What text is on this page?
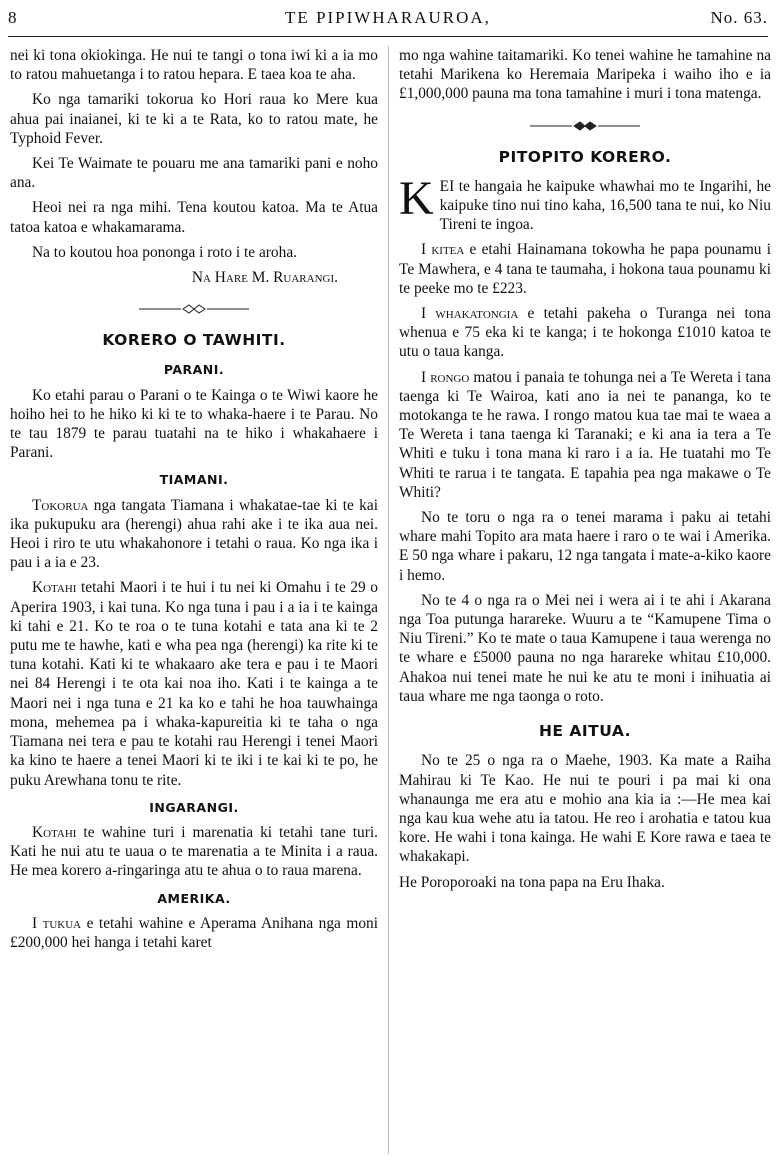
8	TE PIPIWHARAUROA,	No. 63.

nei ki tona okiokinga. He nui te tangi o tona iwi ki a ia mo to ratou mahuetanga i to ratou hepara. E taea koa te aha.

Ko nga tamariki tokorua ko Hori raua ko Mere kua ahua pai inaianei, ki te ki a te Rata, ko to ratou mate, he Typhoid Fever.

Kei Te Waimate te pouaru me ana tamariki pani e noho ana.

Heoi nei ra nga mihi. Tena koutou katoa. Ma te Atua tatoa katoa e whakamarama.

Na to koutou hoa pononga i roto i te aroha.

Na Hare M. Ruarangi.
KORERO O TAWHITI.
PARANI.

Ko etahi parau o Parani o te Kainga o te Wiwi kaore he hoiho hei to he hiko ki ki te to whaka-haere i te Parau. No te tau 1879 te parau tuatahi na te hiko i whakahaere i Parani.

TIAMANI.

Tokorua nga tangata Tiamana i whakatae-tae ki te kai ika pukupuku ara (herengi) ahua rahi ake i te ika aua nei. Heoi i riro te utu whakahonore i tetahi o raua. Ko nga ika i pau i a ia e 23.

Kotahi tetahi Maori i te hui i tu nei ki Omahu i te 29 o Aperira 1903, i kai tuna. Ko nga tuna i pau i a ia i te kainga ki tahi e 21. Ko te roa o te tuna kotahi e tata ana ki te 2 putu me te hawhe, kati e wha pea nga (herengi) ka rite ki te tuna kotahi. Kati ki te whakaaro ake tera e pau i te Maori nei 84 Herengi i te ota kai noa iho. Kati i te kainga a te Maori nei i nga tuna e 21 ka ko e tahi he hoa tauwhainga mona, mehemea pa i whaka-kapureitia ki te taha o nga Tiamana nei tera e pau te kotahi rau Herengi i tenei Maori ka kino te haere a tenei Maori ki te iki i te kai ki te po, he puku Arewhana tonu te rite.

INGARANGI.

Kotahi te wahine turi i marenatia ki tetahi tane turi. Kati he nui atu te uaua o te marenatia a te Minita i a raua. He mea korero a-ringaringa atu te ahua o to raua marena.

AMERIKA.

I tukua e tetahi wahine e Aperama Anihana nga moni £200,000 hei hanga i tetahi karet

mo nga wahine taitamariki. Ko tenei wahine he tamahine na tetahi Marikena ko Heremaia Maripeka i waiho iho e ia £1,000,000 pauna ma tona tamahine i muri i tona matenga.

PITOPITO KORERO.

KEI te hangaia he kaipuke whawhai mo te Ingarihi, he kaipuke tino nui tino kaha, 16,500 tana te nui, ko Niu Tireni te ingoa.

I kitea e etahi Hainamana tokowha he papa pounamu i Te Mawhera, e 4 tana te taumaha, i hokona taua pounamu ki te peeke mo te £223.

I whakatongia e tetahi pakeha o Turanga nei tona whenua e 75 eka ki te kanga; i te hokonga £1010 katoa te utu o taua kanga.

I rongo matou i panaia te tohunga nei a Te Wereta i tana taenga ki Te Wairoa, kati ano ia nei te pananga, ko te motokanga te he rawa. I rongo matou kua tae mai te waea a Te Wereta i tana taenga ki Taranaki; e ki ana ia tera a Te Whiti e tuku i tona mana ki raro i a ia. He tuatahi mo Te Whiti te rarua i te tangata. E tapahia pea nga makawe o Te Whiti?

No te toru o nga ra o tenei marama i paku ai tetahi whare mahi Topito ara mata haere i raro o te wai i Amerika. E 50 nga whare i pakaru, 12 nga tangata i mate-a-kiko kaore i hemo.

No te 4 o nga ra o Mei nei i wera ai i te ahi i Akarana nga Toa putunga harareke. Wuuru a te “Kamupene Tima o Niu Tireni.” Ko te mate o taua Kamupene i taua werenga no te whare e £5000 pauna no nga harareke whitau £10,000. Ahakoa nui tenei mate he nui ke atu te moni i inihuatia ai taua whare me nga taonga o roto.

HE AITUA.

No te 25 o nga ra o Maehe, 1903. Ka mate a Raiha Mahirau ki Te Kao. He nui te pouri i pa mai ki ona whanaunga me era atu e mohio ana kia ia :—He mea kai nga kau kua wehe atu ia tatou. He reo i arohatia e tatou kua kore. He wahi i tona kainga. He wahi E Kore rawa e taea te whakakapi.

He Poroporoaki na tona papa na Eru Ihaka.
